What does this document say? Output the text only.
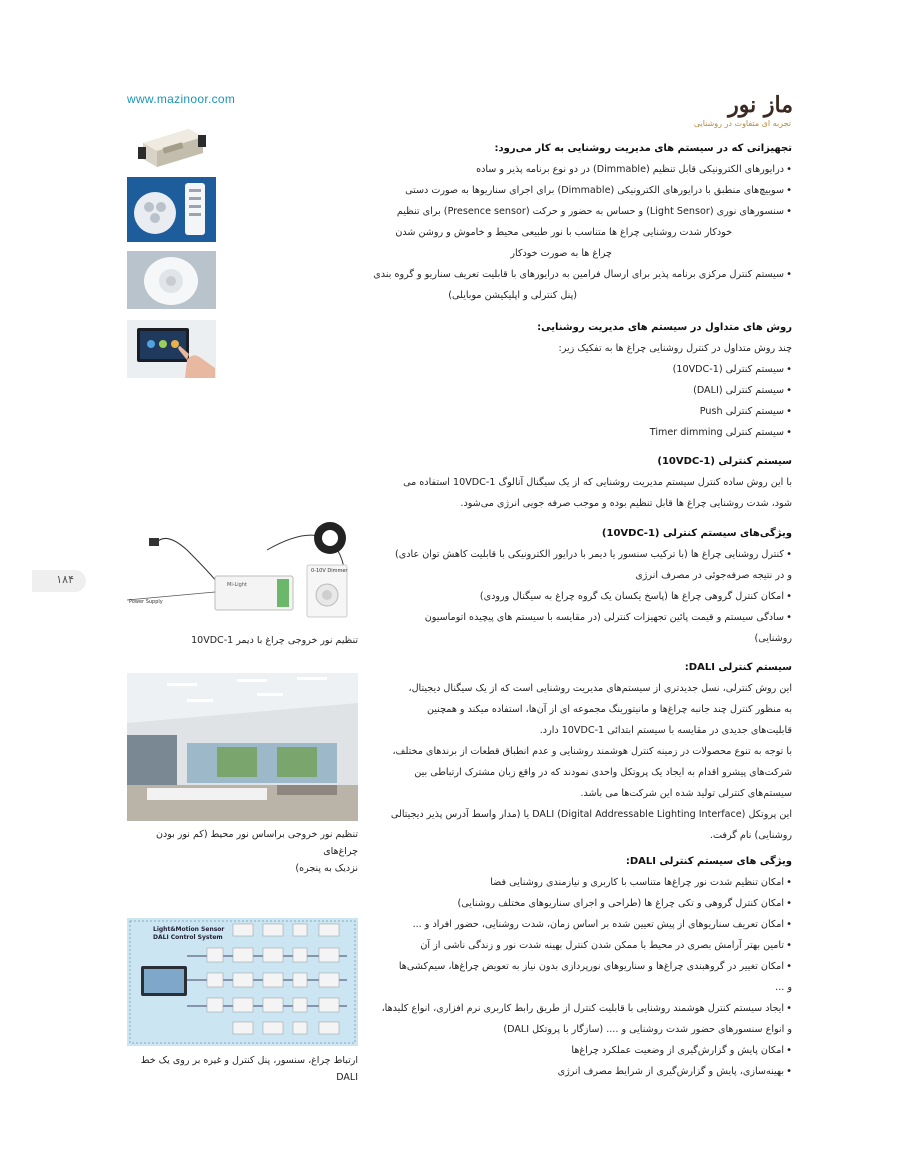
www.mazinoor.com	ماز نور
تجربه ای متفاوت در روشنایی
۱۸۴	Mi-Light
0-10V Dimmer
Power Supply
تنظیم نور خروجی چراغ با دیمر 1-10VDC
تنظیم نور خروجی براساس نور محیط (کم نور بودن چراغ‌های
نزدیک به پنجره)
Light&Motion Sensor
DALI Control System
ارتباط چراغ، سنسور، پنل کنترل و غیره بر روی یک خط DALI
تجهیزاتی که در سیستم های مدیریت روشنایی به کار می‌رود:
• درایورهای الکترونیکی قابل تنظیم (Dimmable) در دو نوع برنامه پذیر و ساده
• سوییچ‌های منطبق با درایورهای الکترونیکی (Dimmable) برای اجرای سناریوها به صورت دستی
• سنسورهای نوری (Light Sensor) و حساس به حضور و حرکت (Presence sensor) برای تنظیم
خودکار شدت روشنایی چراغ ها متناسب با نور طبیعی محیط و خاموش و روشن شدن
چراغ ها به صورت خودکار
• سیستم کنترل مرکزی برنامه پذیر برای ارسال فرامین به درایورهای با قابلیت تعریف سناریو و گروه بندی
(پنل کنترلی و اپلیکیشن موبایلی)
روش های متداول در سیستم های مدیریت روشنایی:
چند روش متداول در کنترل روشنایی چراغ ها به تفکیک زیر:
• سیستم کنترلی (1-10VDC)
• سیستم کنترلی (DALI)
• سیستم کنترلی Push
• سیستم کنترلی Timer dimming
سیستم کنترلی (1-10VDC)
با این روش ساده کنترل سیستم مدیریت روشنایی که از یک سیگنال آنالوگ 1-10VDC استفاده می
شود، شدت روشنایی چراغ ها قابل تنظیم بوده و موجب صرفه جویی انرژی می‌شود.
ویژگی‌های سیستم کنترلی (1-10VDC)
• کنترل روشنایی چراغ ها (با ترکیب سنسور یا دیمر با درایور الکترونیکی با قابلیت کاهش توان عادی)
و در نتیجه صرفه‌جوئی در مصرف انرژی
• امکان کنترل گروهی چراغ ها (پاسخ یکسان یک گروه چراغ به سیگنال ورودی)
• سادگی سیستم و قیمت پائین تجهیزات کنترلی (در مقایسه با سیستم های پیچیده اتوماسیون
روشنایی)
سیستم کنترلی DALI:
این روش کنترلی، نسل جدیدتری از سیستم‌های مدیریت روشنایی است که از یک سیگنال دیجیتال،
به منظور کنترل چند جانبه چراغ‌ها و مانیتورینگ مجموعه ای از آن‌ها، استفاده میکند و همچنین
قابلیت‌های جدیدی در مقایسه با سیستم ابتدائی 1-10VDC دارد.
با توجه به تنوع محصولات در زمینه کنترل هوشمند روشنایی و عدم انطباق قطعات از برندهای مختلف،
شرکت‌های پیشرو اقدام به ایجاد یک پروتکل واحدی نمودند که در واقع زبان مشترک ارتباطی بین
سیستم‌های کنترلی تولید شده این شرکت‌ها می باشد.
این پروتکل DALI (Digital Addressable Lighting Interface) یا (مدار واسط آدرس پذیر دیجیتالی
روشنایی) نام گرفت.
ویژگی های سیستم کنترلی DALI:
• امکان تنظیم شدت نور چراغ‌ها متناسب با کاربری و نیازمندی روشنایی فضا
• امکان کنترل گروهی و تکی چراغ ها (طراحی و اجرای سناریوهای مختلف روشنایی)
• امکان تعریف سناریوهای از پیش تعیین شده بر اساس زمان، شدت روشنایی، حضور افراد و ...
• تامین بهتر آرامش بصری در محیط با ممکن شدن کنترل بهینه شدت نور و زندگی ناشی از آن
• امکان تغییر در گروهبندی چراغ‌ها و سناریوهای نورپردازی بدون نیاز به تعویض چراغ‌ها، سیم‌کشی‌ها
و ...
• ایجاد سیستم کنترل هوشمند روشنایی با قابلیت کنترل از طریق رابط کاربری نرم افزاری، انواع کلیدها،
و انواع سنسورهای حضور شدت روشنایی و .... (سازگار با پروتکل DALI)
• امکان پایش و گزارش‌گیری از وضعیت عملکرد چراغ‌ها
• بهینه‌سازی، پایش و گزارش‌گیری از شرایط مصرف انرژی
